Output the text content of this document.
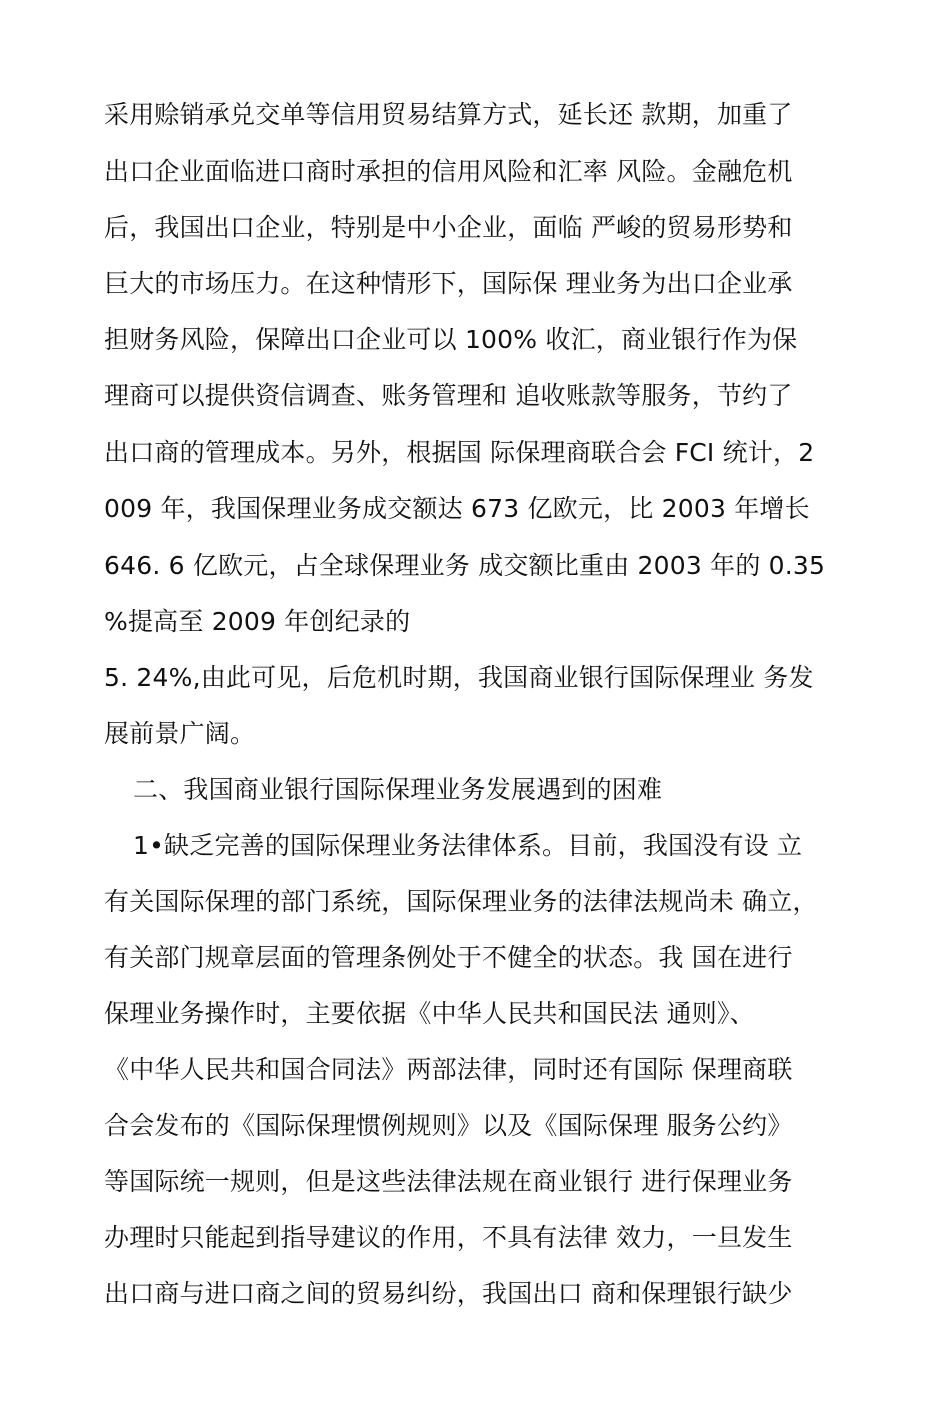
采用赊销承兑交单等信用贸易结算方式，延长还 款期，加重了
出口企业面临进口商时承担的信用风险和汇率 风险。金融危机
后，我国出口企业，特别是中小企业，面临 严峻的贸易形势和
巨大的市场压力。在这种情形下，国际保 理业务为出口企业承
担财务风险，保障出口企业可以 100% 收汇，商业银行作为保
理商可以提供资信调查、账务管理和 追收账款等服务，节约了
出口商的管理成本。另外，根据国 际保理商联合会 FCI 统计，2
009 年，我国保理业务成交额达 673 亿欧元，比 2003 年增长
646. 6 亿欧元，占全球保理业务 成交额比重由 2003 年的 0.35
%提高至 2009 年创纪录的
5. 24%,由此可见，后危机时期，我国商业银行国际保理业 务发
展前景广阔。
二、我国商业银行国际保理业务发展遇到的困难
1•缺乏完善的国际保理业务法律体系。目前，我国没有设 立
有关国际保理的部门系统，国际保理业务的法律法规尚未 确立，
有关部门规章层面的管理条例处于不健全的状态。我 国在进行
保理业务操作时，主要依据《中华人民共和国民法 通则》、
《中华人民共和国合同法》两部法律，同时还有国际 保理商联
合会发布的《国际保理惯例规则》以及《国际保理 服务公约》
等国际统一规则，但是这些法律法规在商业银行 进行保理业务
办理时只能起到指导建议的作用，不具有法律 效力，一旦发生
出口商与进口商之间的贸易纠纷，我国出口 商和保理银行缺少
